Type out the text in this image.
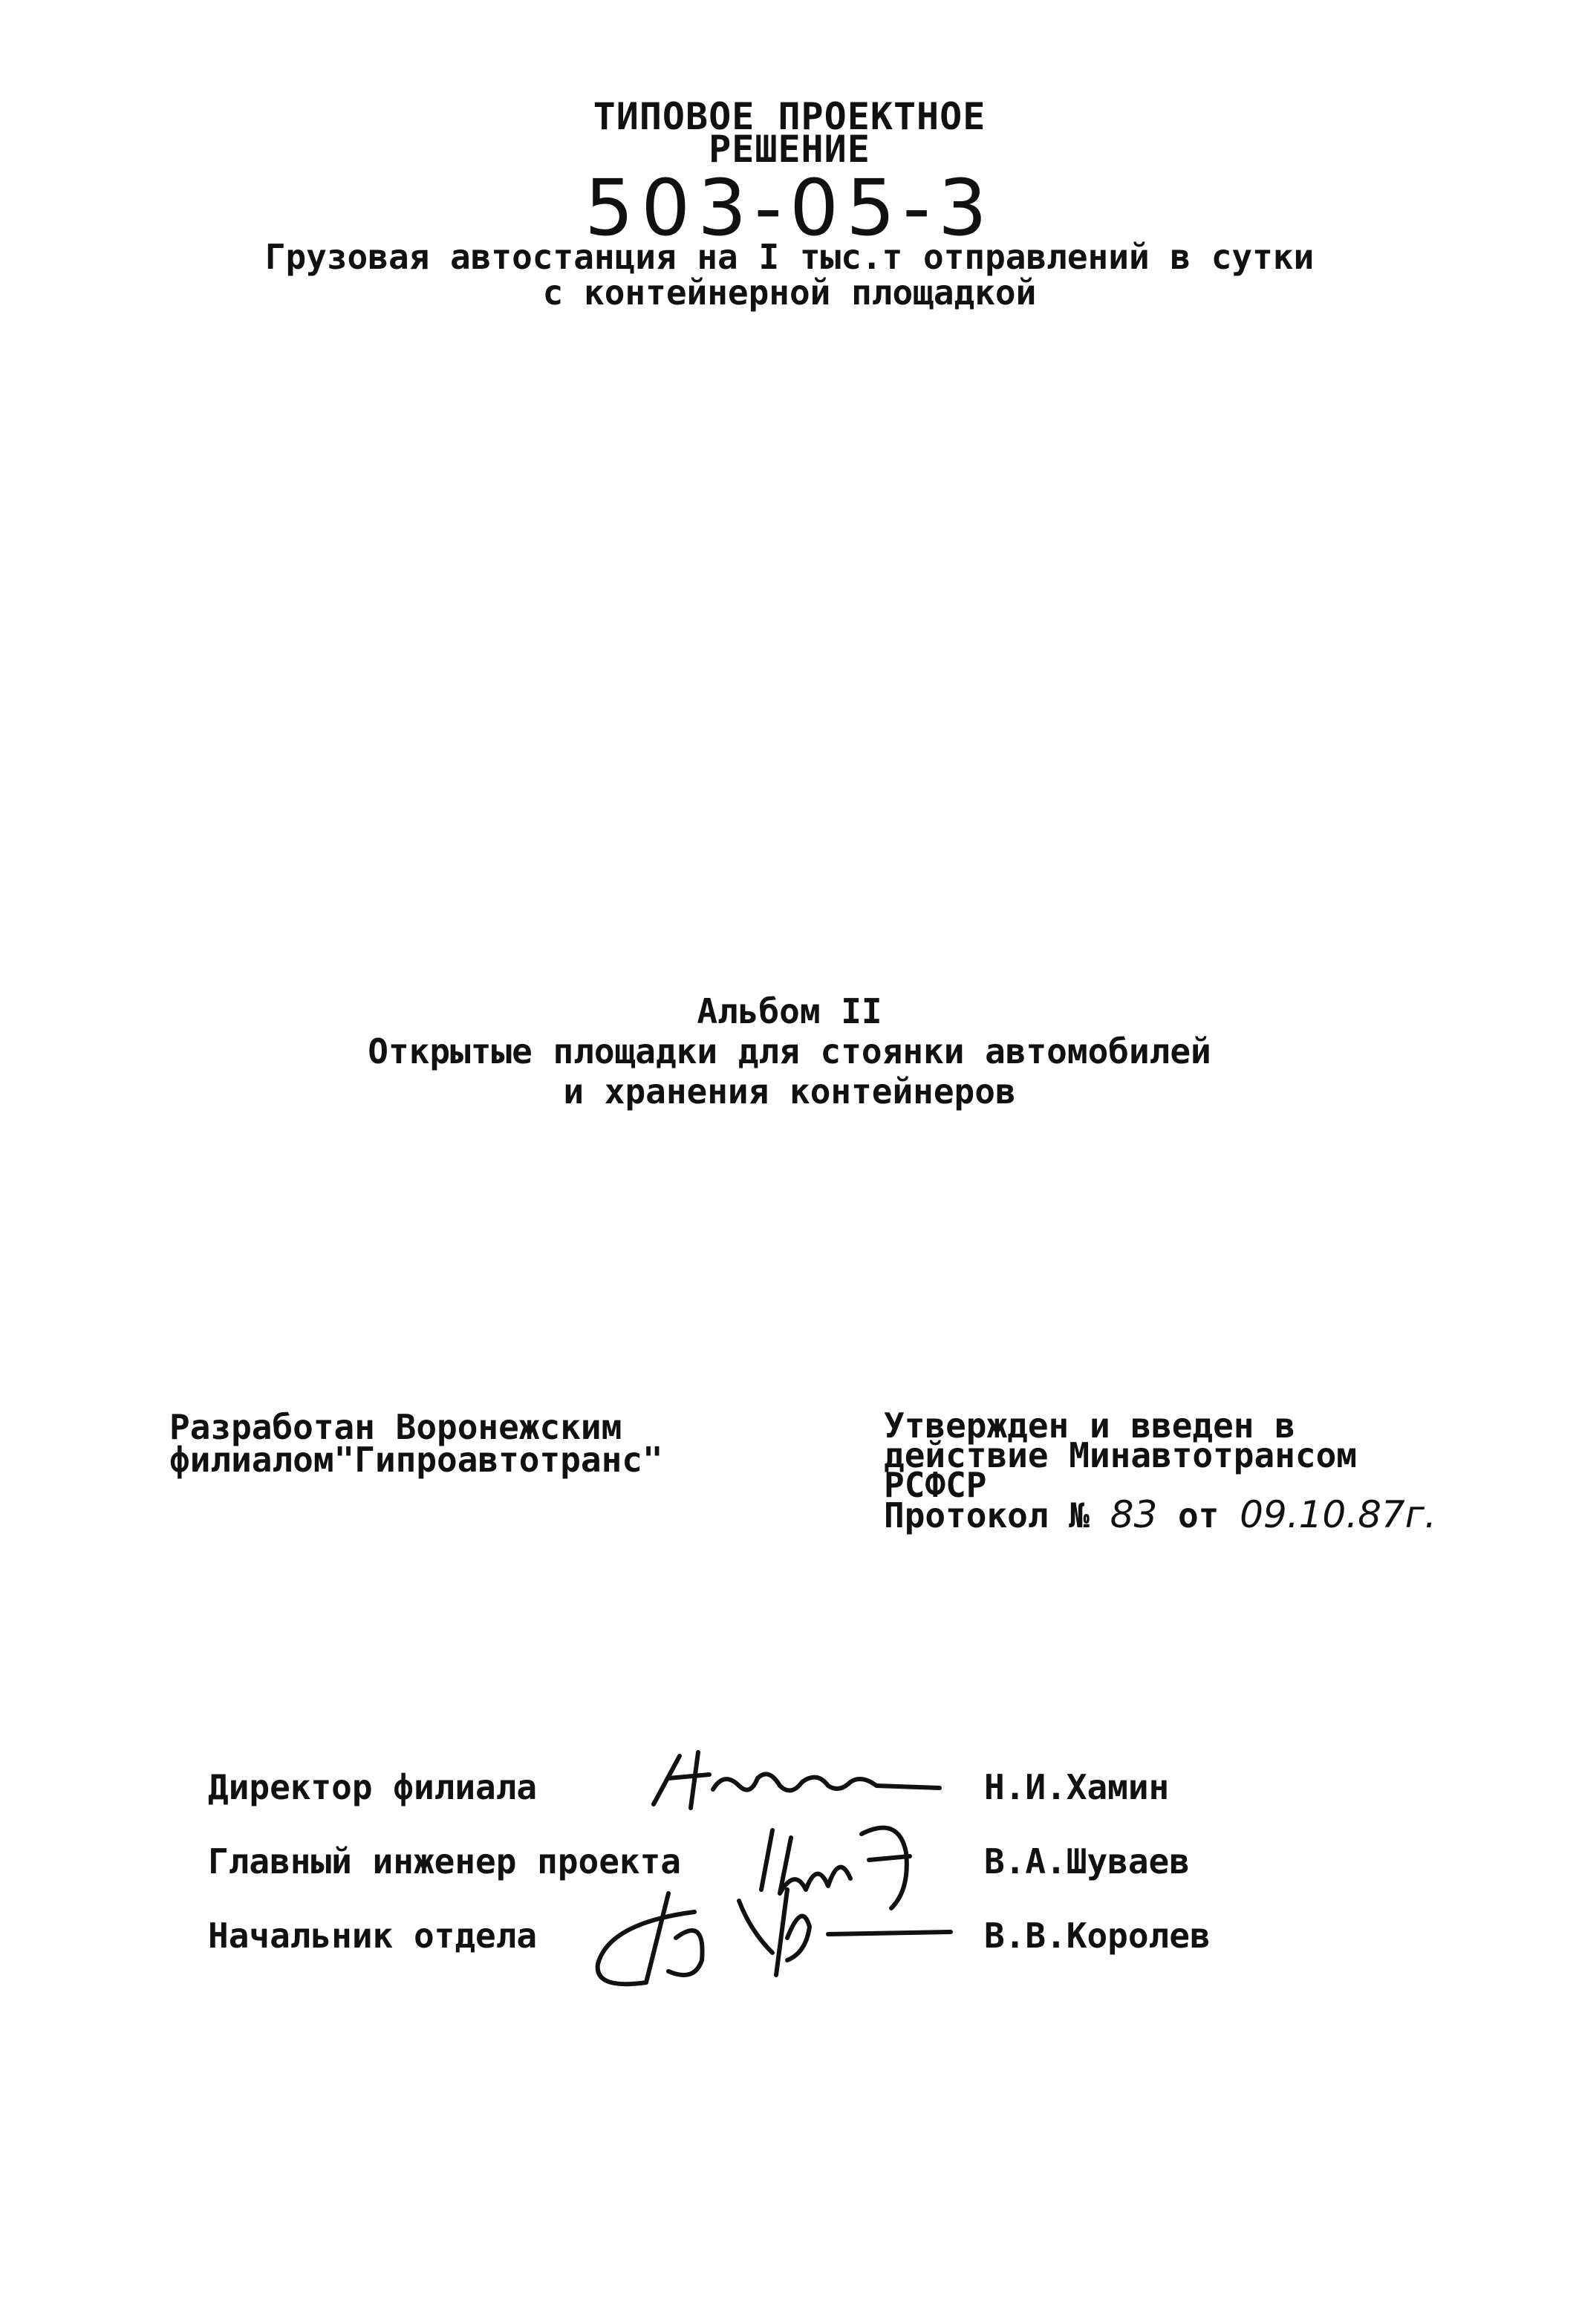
ТИПОВОЕ ПРОЕКТНОЕ
РЕШЕНИЕ
503-05-3
Грузовая автостанция на I тыс.т отправлений в сутки
с контейнерной площадкой
Альбом II
Открытые площадки для стоянки автомобилей
и хранения контейнеров
Разработан Воронежским
филиалом"Гипроавтотранс"
Утвержден и введен в
действие Минавтотрансом
РСФСР
Протокол № 83 от 09.10.87г.
Директор филиала	Н.И.Хамин
Главный инженер проекта	В.А.Шуваев
Начальник отдела	В.В.Королев
